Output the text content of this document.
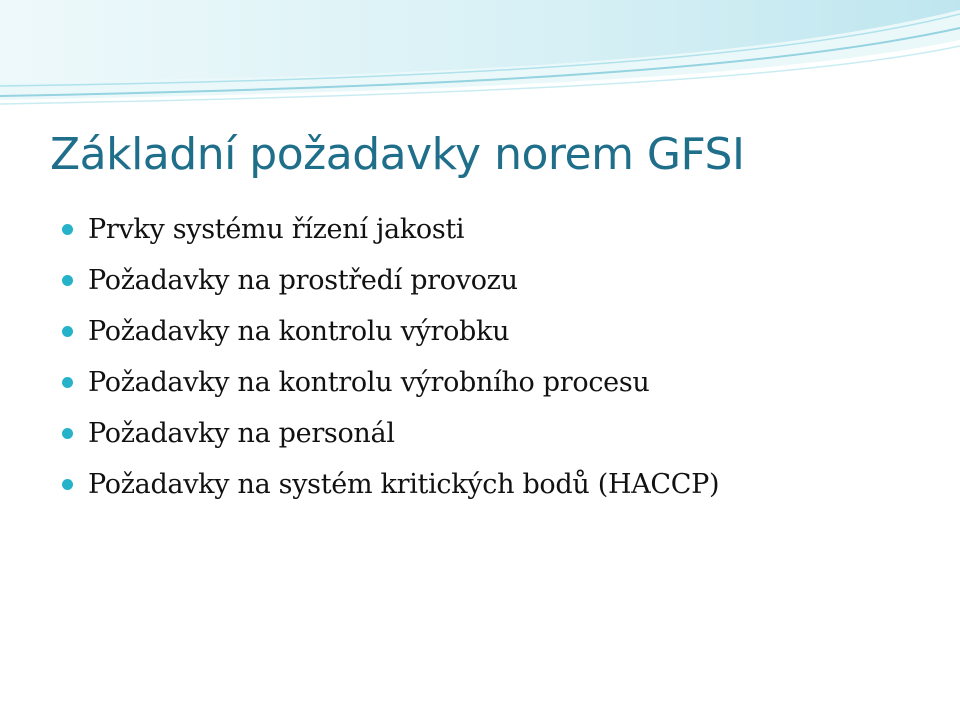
Základní požadavky norem GFSI
Prvky systému řízení jakosti
Požadavky na prostředí provozu
Požadavky na kontrolu výrobku
Požadavky na kontrolu výrobního procesu
Požadavky na personál
Požadavky na systém kritických bodů (HACCP)
